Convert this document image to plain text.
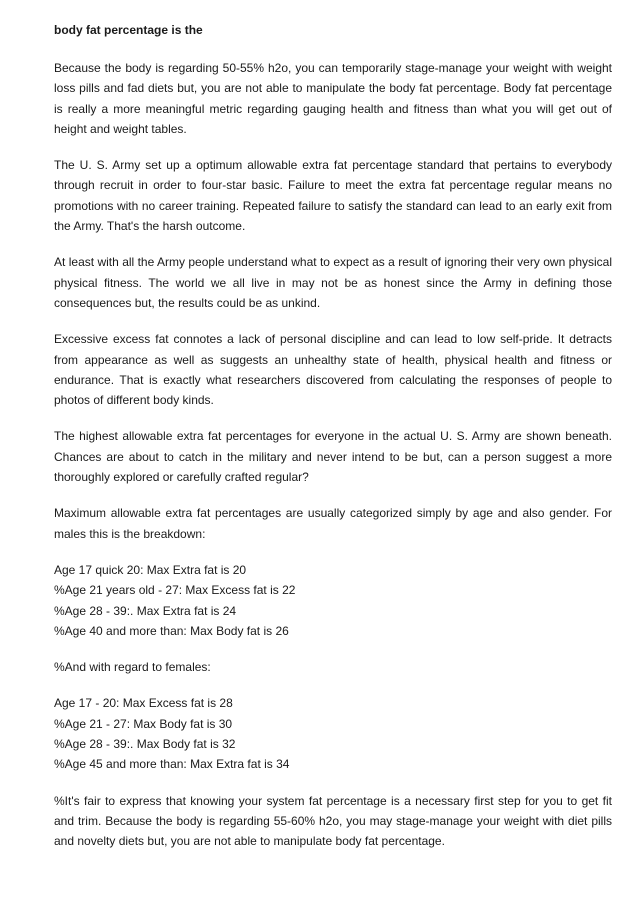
body fat percentage is the

Because the body is regarding 50-55% h2o, you can temporarily stage-manage your weight with weight loss pills and fad diets but, you are not able to manipulate the body fat percentage. Body fat percentage is really a more meaningful metric regarding gauging health and fitness than what you will get out of height and weight tables.

The U. S. Army set up a optimum allowable extra fat percentage standard that pertains to everybody through recruit in order to four-star basic. Failure to meet the extra fat percentage regular means no promotions with no career training. Repeated failure to satisfy the standard can lead to an early exit from the Army. That's the harsh outcome.

At least with all the Army people understand what to expect as a result of ignoring their very own physical physical fitness. The world we all live in may not be as honest since the Army in defining those consequences but, the results could be as unkind.

Excessive excess fat connotes a lack of personal discipline and can lead to low self-pride. It detracts from appearance as well as suggests an unhealthy state of health, physical health and fitness or endurance. That is exactly what researchers discovered from calculating the responses of people to photos of different body kinds.

The highest allowable extra fat percentages for everyone in the actual U. S. Army are shown beneath. Chances are about to catch in the military and never intend to be but, can a person suggest a more thoroughly explored or carefully crafted regular?

Maximum allowable extra fat percentages are usually categorized simply by age and also gender. For males this is the breakdown:

Age 17 quick 20: Max Extra fat is 20
%Age 21 years old - 27: Max Excess fat is 22
%Age 28 - 39:. Max Extra fat is 24
%Age 40 and more than: Max Body fat is 26
%And with regard to females:
Age 17 - 20: Max Excess fat is 28
%Age 21 - 27: Max Body fat is 30
%Age 28 - 39:. Max Body fat is 32
%Age 45 and more than: Max Extra fat is 34

%It's fair to express that knowing your system fat percentage is a necessary first step for you to get fit and trim. Because the body is regarding 55-60% h2o, you may stage-manage your weight with diet pills and novelty diets but, you are not able to manipulate body fat percentage.
